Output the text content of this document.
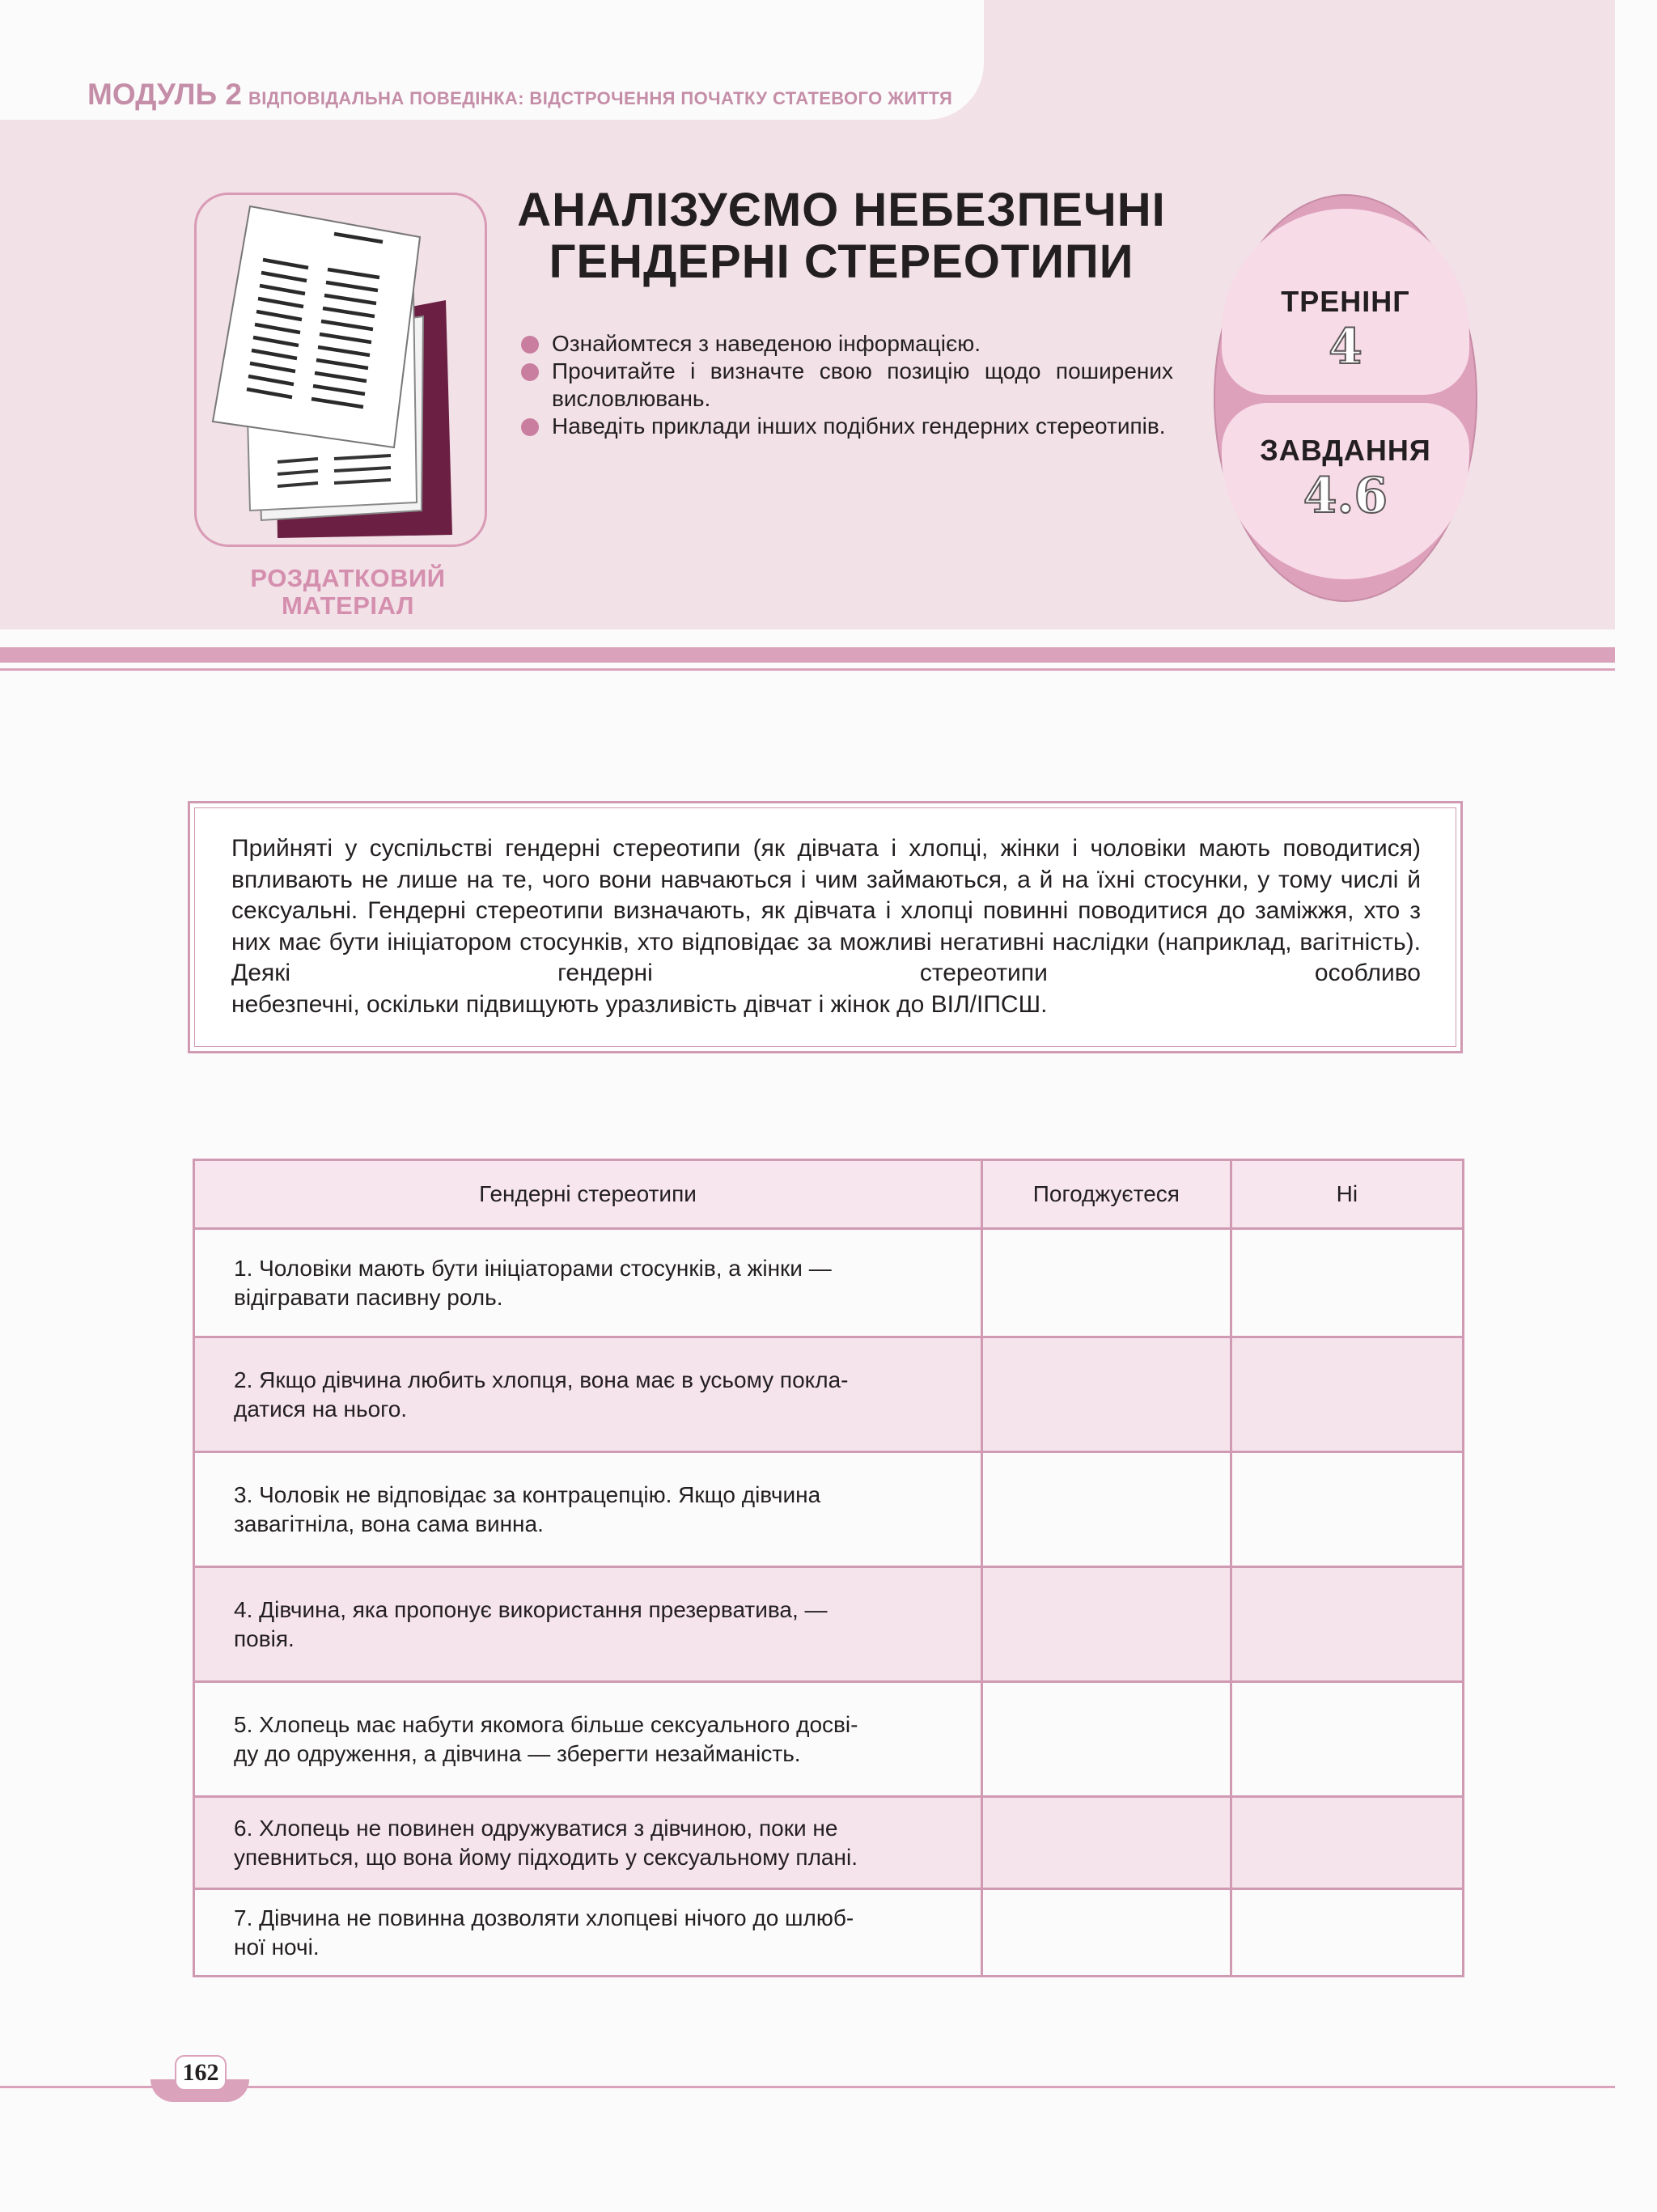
МОДУЛЬ 2 ВІДПОВІДАЛЬНА ПОВЕДІНКА: ВІДСТРОЧЕННЯ ПОЧАТКУ СТАТЕВОГО ЖИТТЯ
РОЗДАТКОВИЙ
МАТЕРІАЛ
АНАЛІЗУЄМО НЕБЕЗПЕЧНІ
ГЕНДЕРНІ СТЕРЕОТИПИ
Ознайомтеся з наведеною інформацією.
Прочитайте і визначте свою позицію щодо поширених висловлювань.
Наведіть приклади інших подібних гендерних стереотипів.
ТРЕНІНГ
4
ЗАВДАННЯ
4.6
Прийняті у суспільстві гендерні стереотипи (як дівчата і хлопці, жінки і чоловіки мають поводитися) впливають не лише на те, чого вони навчаються і чим займаються, а й на їхні стосунки, у тому числі й сексуальні. Гендерні стереотипи визначають, як дівчата і хлопці повинні поводитися до заміжжя, хто з них має бути ініціатором стосунків, хто відповідає за можливі негативні наслідки (наприклад, вагітність). Деякі гендерні стереотипи особливо
небезпечні, оскільки підвищують уразливість дівчат і жінок до ВІЛ/ІПСШ.
Гендерні стереотипи	Погоджуєтеся	Ні

1. Чоловіки мають бути ініціаторами стосунків, а жінки —
відігравати пасивну роль.		

2. Якщо дівчина любить хлопця, вона має в усьому покла-
датися на нього.		

3. Чоловік не відповідає за контрацепцію. Якщо дівчина
завагітніла, вона сама винна.		

4. Дівчина, яка пропонує використання презерватива, —
повія.		

5. Хлопець має набути якомога більше сексуального досві-
ду до одруження, а дівчина — зберегти незайманість.		

6. Хлопець не повинен одружуватися з дівчиною, поки не
упевниться, що вона йому підходить у сексуальному плані.		

7. Дівчина не повинна дозволяти хлопцеві нічого до шлюб-
ної ночі.		

162
